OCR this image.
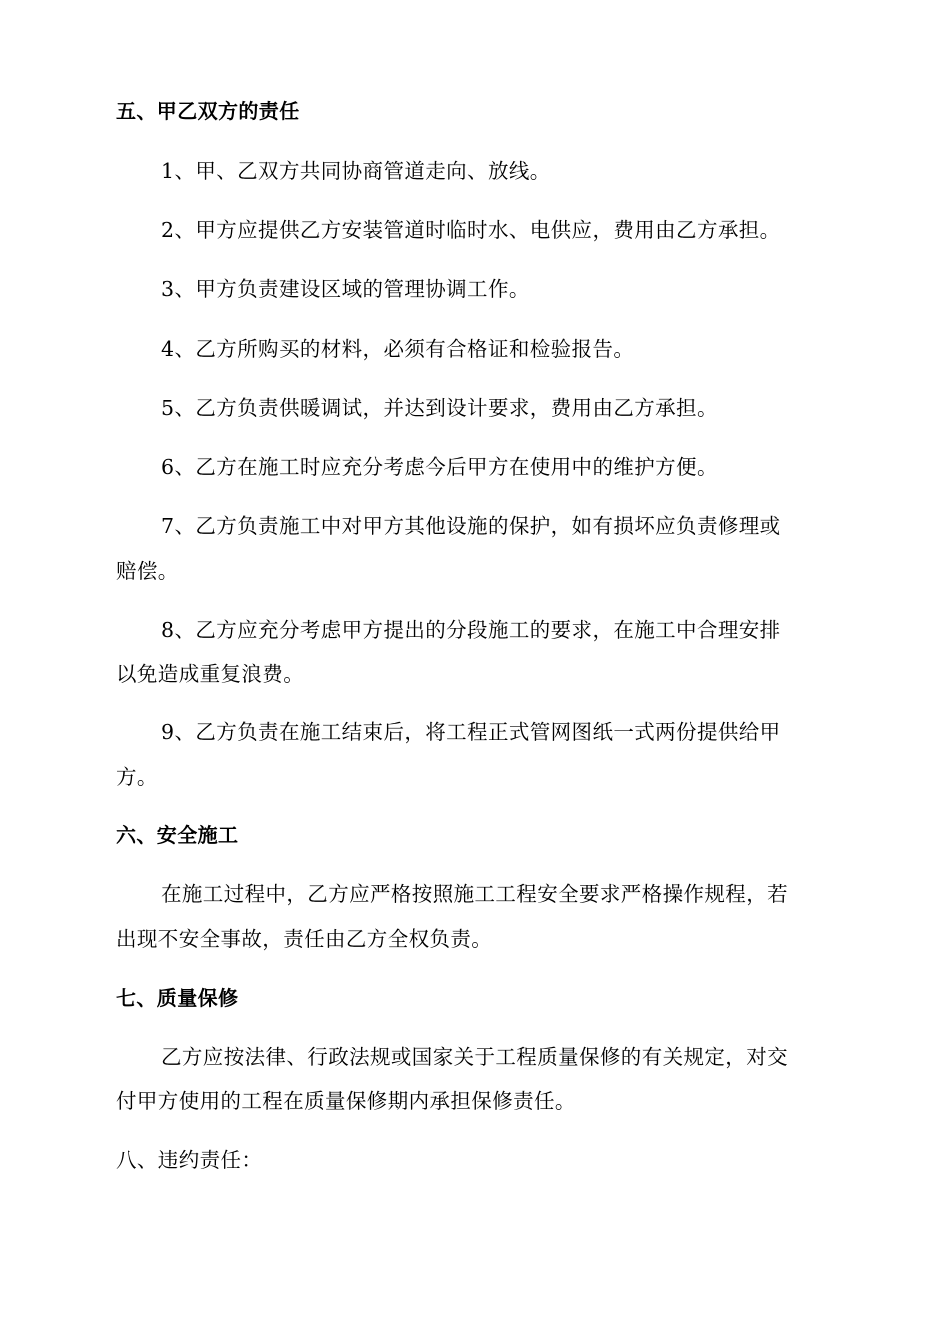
五、甲乙双方的责任
1、甲、乙双方共同协商管道走向、放线。
2、甲方应提供乙方安装管道时临时水、电供应，费用由乙方承担。
3、甲方负责建设区域的管理协调工作。
4、乙方所购买的材料，必须有合格证和检验报告。
5、乙方负责供暖调试，并达到设计要求，费用由乙方承担。
6、乙方在施工时应充分考虑今后甲方在使用中的维护方便。
7、乙方负责施工中对甲方其他设施的保护，如有损坏应负责修理或
赔偿。
8、乙方应充分考虑甲方提出的分段施工的要求，在施工中合理安排
以免造成重复浪费。
9、乙方负责在施工结束后，将工程正式管网图纸一式两份提供给甲
方。
六、安全施工
在施工过程中，乙方应严格按照施工工程安全要求严格操作规程，若
出现不安全事故，责任由乙方全权负责。
七、质量保修
乙方应按法律、行政法规或国家关于工程质量保修的有关规定，对交
付甲方使用的工程在质量保修期内承担保修责任。
八、违约责任：
